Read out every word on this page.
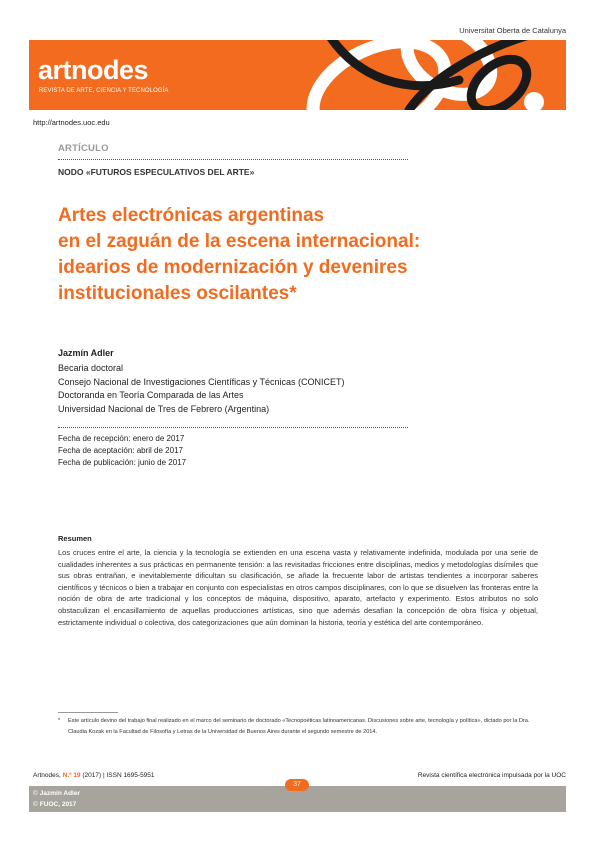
Universitat Oberta de Catalunya
artnodes
REVISTA DE ARTE, CIENCIA Y TECNOLOGÍA
http://artnodes.uoc.edu
ARTÍCULO
NODO «FUTUROS ESPECULATIVOS DEL ARTE»
Artes electrónicas argentinas
en el zaguán de la escena internacional:
idearios de modernización y devenires
institucionales oscilantes*
Jazmín Adler
Becaria doctoral
Consejo Nacional de Investigaciones Científicas y Técnicas (CONICET)
Doctoranda en Teoría Comparada de las Artes
Universidad Nacional de Tres de Febrero (Argentina)
Fecha de recepción: enero de 2017
Fecha de aceptación: abril de 2017
Fecha de publicación: junio de 2017
Resumen
Los cruces entre el arte, la ciencia y la tecnología se extienden en una escena vasta y relativamente indefinida, modulada por una serie de cualidades inherentes a sus prácticas en permanente tensión: a las revisitadas fricciones entre disciplinas, medios y metodologías disímiles que sus obras entrañan, e inevitablemente dificultan su clasificación, se añade la frecuente labor de artistas tendientes a incorporar saberes científicos y técnicos o bien a trabajar en conjunto con especialistas en otros campos disciplinares, con lo que se disuelven las fronteras entre la noción de obra de arte tradicional y los conceptos de máquina, dispositivo, aparato, artefacto y experimento. Estos atributos no solo obstaculizan el encasillamiento de aquellas producciones artísticas, sino que además desafían la concepción de obra física y objetual, estrictamente individual o colectiva, dos categorizaciones que aún dominan la historia, teoría y estética del arte contemporáneo.
*	Este artículo devino del trabajo final realizado en el marco del seminario de doctorado «Tecnopoéticas latinoamericanas. Discusiones sobre arte, tecnología y política», dictado por la Dra. Claudia Kozak en la Facultad de Filosofía y Letras de la Universidad de Buenos Aires durante el segundo semestre de 2014.
Artnodes, N.º 19 (2017) | ISSN 1695-5951	Revista científica electrónica impulsada por la UOC
© Jazmín Adler
© FUOC, 2017
37
